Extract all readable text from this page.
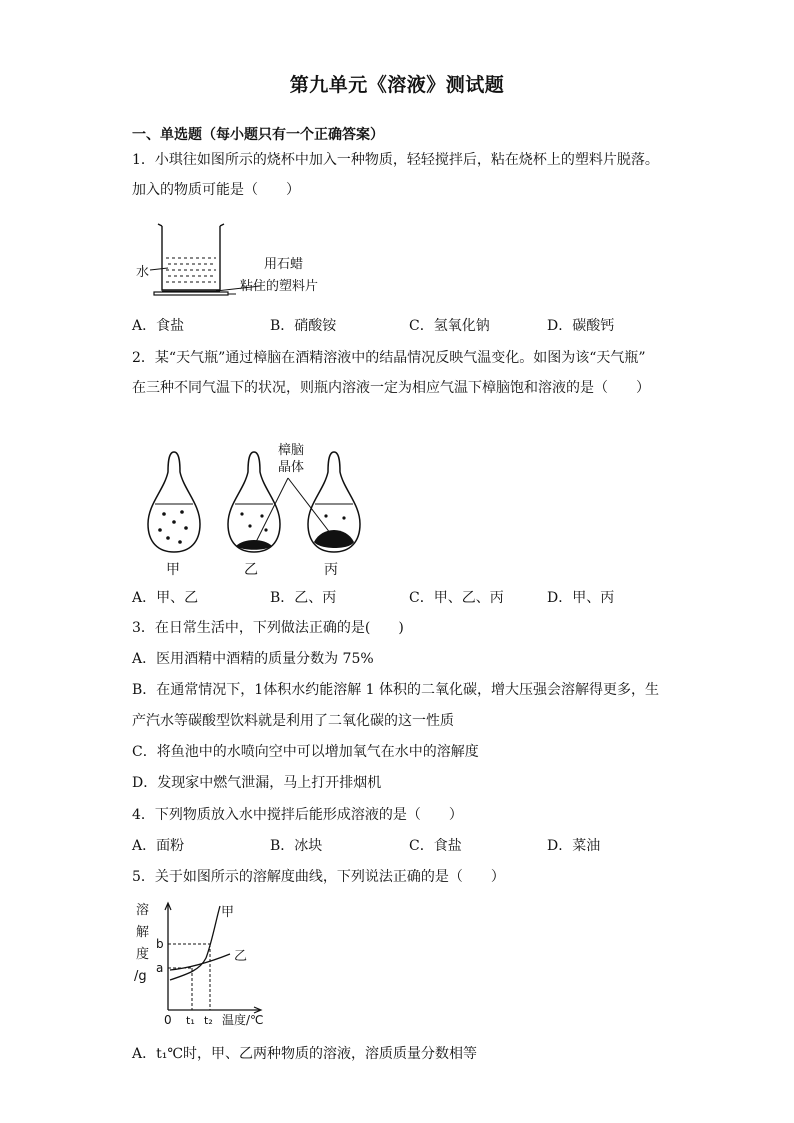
第九单元《溶液》测试题
一、单选题（每小题只有一个正确答案）
1．小琪往如图所示的烧杯中加入一种物质，轻轻搅拌后，粘在烧杯上的塑料片脱落。
加入的物质可能是（　　）
水
用石蜡
粘住的塑料片
A．食盐	B．硝酸铵	C．氢氧化钠	D．碳酸钙
2．某“天气瓶”通过樟脑在酒精溶液中的结晶情况反映气温变化。如图为该“天气瓶”
在三种不同气温下的状况，则瓶内溶液一定为相应气温下樟脑饱和溶液的是（　　）
樟脑
晶体
甲	乙	丙
A．甲、乙	B．乙、丙	C．甲、乙、丙	D．甲、丙
3．在日常生活中，下列做法正确的是(　　)
A．医用酒精中酒精的质量分数为 75%
B．在通常情况下，1体积水约能溶解 1 体积的二氧化碳，增大压强会溶解得更多，生
产汽水等碳酸型饮料就是利用了二氧化碳的这一性质
C．将鱼池中的水喷向空中可以增加氧气在水中的溶解度
D．发现家中燃气泄漏，马上打开排烟机
4．下列物质放入水中搅拌后能形成溶液的是（　　）
A．面粉	B．冰块	C．食盐	D．菜油
5．关于如图所示的溶解度曲线，下列说法正确的是（　　）
溶
解
度
/g
b
a
0 t₁ t₂ 温度/℃
甲
乙
A．t₁℃时，甲、乙两种物质的溶液，溶质质量分数相等
